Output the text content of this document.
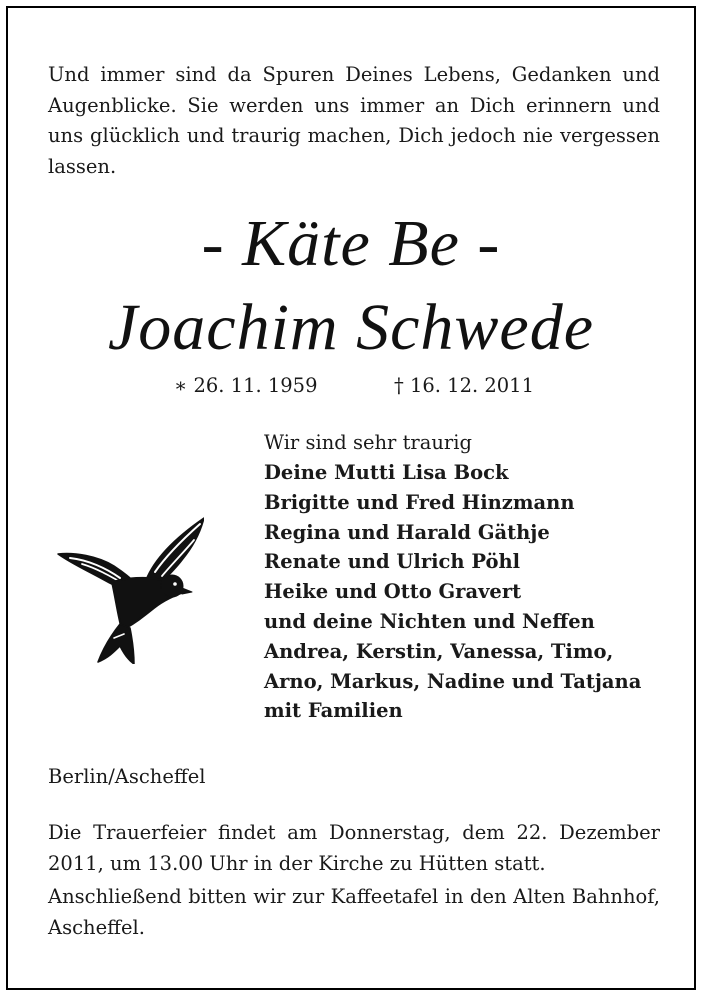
Und immer sind da Spuren Deines Lebens, Gedanken und Augenblicke. Sie werden uns immer an Dich erinnern und uns glücklich und traurig machen, Dich jedoch nie vergessen lassen.

- Käte Be -

Joachim Schwede

∗ 26. 11. 1959	† 16. 12. 2011

Wir sind sehr traurig

Deine Mutti Lisa Bock

Brigitte und Fred Hinzmann

Regina und Harald Gäthje

Renate und Ulrich Pöhl

Heike und Otto Gravert

und deine Nichten und Neffen

Andrea, Kerstin, Vanessa, Timo,

Arno, Markus, Nadine und Tatjana

mit Familien

Berlin/Ascheffel

Die Trauerfeier findet am Donnerstag, dem 22. Dezember 2011, um 13.00 Uhr in der Kirche zu Hütten statt.

Anschließend bitten wir zur Kaffeetafel in den Alten Bahnhof, Ascheffel.
